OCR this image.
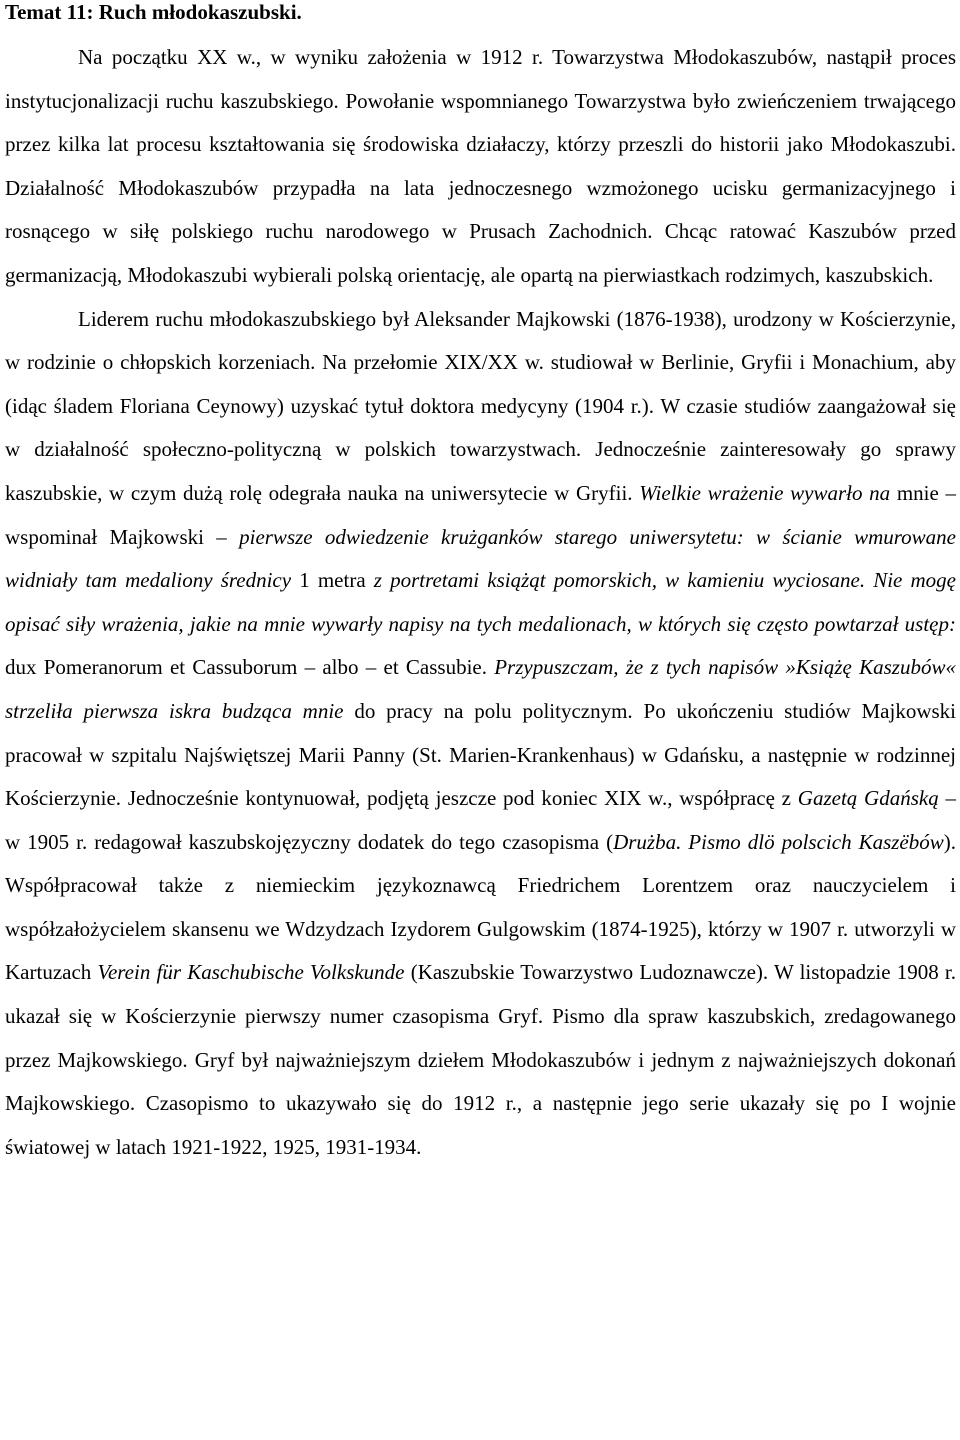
Temat 11: Ruch młodokaszubski.

Na początku XX w., w wyniku założenia w 1912 r. Towarzystwa Młodokaszubów, nastąpił proces instytucjonalizacji ruchu kaszubskiego. Powołanie wspomnianego Towarzystwa było zwieńczeniem trwającego przez kilka lat procesu kształtowania się środowiska działaczy, którzy przeszli do historii jako Młodokaszubi. Działalność Młodokaszubów przypadła na lata jednoczesnego wzmożonego ucisku germanizacyjnego i rosnącego w siłę polskiego ruchu narodowego w Prusach Zachodnich. Chcąc ratować Kaszubów przed germanizacją, Młodokaszubi wybierali polską orientację, ale opartą na pierwiastkach rodzimych, kaszubskich.

Liderem ruchu młodokaszubskiego był Aleksander Majkowski (1876-1938), urodzony w Kościerzynie, w rodzinie o chłopskich korzeniach. Na przełomie XIX/XX w. studiował w Berlinie, Gryfii i Monachium, aby (idąc śladem Floriana Ceynowy) uzyskać tytuł doktora medycyny (1904 r.). W czasie studiów zaangażował się w działalność społeczno-polityczną w polskich towarzystwach. Jednocześnie zainteresowały go sprawy kaszubskie, w czym dużą rolę odegrała nauka na uniwersytecie w Gryfii. Wielkie wrażenie wywarło na mnie – wspominał Majkowski – pierwsze odwiedzenie krużganków starego uniwersytetu: w ścianie wmurowane widniały tam medaliony średnicy 1 metra z portretami książąt pomorskich, w kamieniu wyciosane. Nie mogę opisać siły wrażenia, jakie na mnie wywarły napisy na tych medalionach, w których się często powtarzał ustęp: dux Pomeranorum et Cassuborum – albo – et Cassubie. Przypuszczam, że z tych napisów »Książę Kaszubów« strzeliła pierwsza iskra budząca mnie do pracy na polu politycznym. Po ukończeniu studiów Majkowski pracował w szpitalu Najświętszej Marii Panny (St. Marien-Krankenhaus) w Gdańsku, a następnie w rodzinnej Kościerzynie. Jednocześnie kontynuował, podjętą jeszcze pod koniec XIX w., współpracę z Gazetą Gdańską – w 1905 r. redagował kaszubskojęzyczny dodatek do tego czasopisma (Drużba. Pismo dlö polscich Kaszëbów). Współpracował także z niemieckim językoznawcą Friedrichem Lorentzem oraz nauczycielem i współzałożycielem skansenu we Wdzydzach Izydorem Gulgowskim (1874-1925), którzy w 1907 r. utworzyli w Kartuzach Verein für Kaschubische Volkskunde (Kaszubskie Towarzystwo Ludoznawcze). W listopadzie 1908 r. ukazał się w Kościerzynie pierwszy numer czasopisma Gryf. Pismo dla spraw kaszubskich, zredagowanego przez Majkowskiego. Gryf był najważniejszym dziełem Młodokaszubów i jednym z najważniejszych dokonań Majkowskiego. Czasopismo to ukazywało się do 1912 r., a następnie jego serie ukazały się po I wojnie światowej w latach 1921-1922, 1925, 1931-1934.
